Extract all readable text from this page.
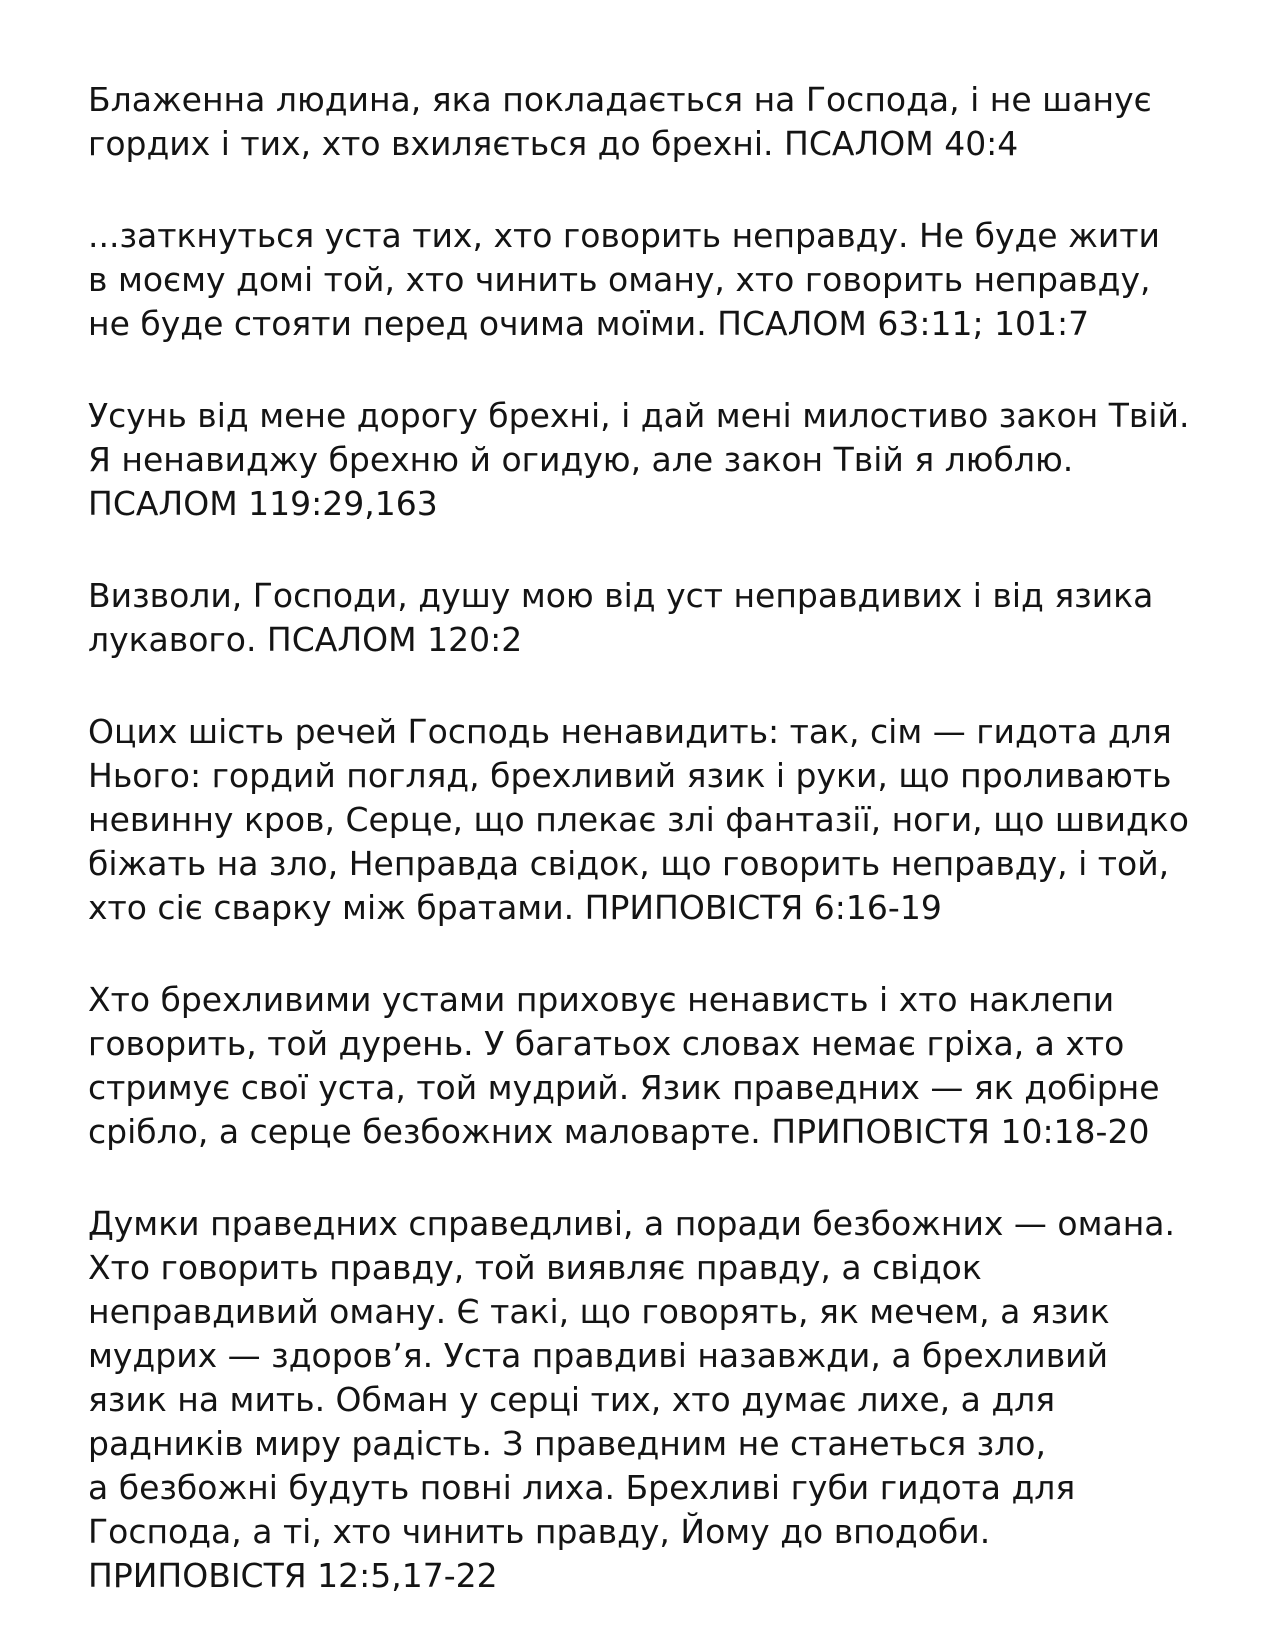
Блаженна людина, яка покладається на Господа, і не шанує
гордих і тих, хто вхиляється до брехні. ПСАЛОМ 40:4
...заткнуться уста тих, хто говорить неправду. Не буде жити
в моєму домі той, хто чинить оману, хто говорить неправду,
не буде стояти перед очима моїми. ПСАЛОМ 63:11; 101:7
Усунь від мене дорогу брехні, і дай мені милостиво закон Твій.
Я ненавиджу брехню й огидую, але закон Твій я люблю.
ПСАЛОМ 119:29,163
Визволи, Господи, душу мою від уст неправдивих і від язика
лукавого. ПСАЛОМ 120:2
Оцих шість речей Господь ненавидить: так, сім — гидота для
Нього: гордий погляд, брехливий язик і руки, що проливають
невинну кров, Серце, що плекає злі фантазії, ноги, що швидко
біжать на зло, Неправда свідок, що говорить неправду, і той,
хто сіє сварку між братами. ПРИПОВІСТЯ 6:16-19
Хто брехливими устами приховує ненависть і хто наклепи
говорить, той дурень. У багатьох словах немає гріха, а хто
стримує свої уста, той мудрий. Язик праведних — як добірне
срібло, а серце безбожних маловарте. ПРИПОВІСТЯ 10:18-20
Думки праведних справедливі, а поради безбожних — омана.
Хто говорить правду, той виявляє правду, а свідок
неправдивий оману. Є такі, що говорять, як мечем, а язик
мудрих — здоров’я. Уста правдиві назавжди, а брехливий
язик на мить. Обман у серці тих, хто думає лихе, а для
радників миру радість. З праведним не станеться зло,
а безбожні будуть повні лиха. Брехливі губи гидота для
Господа, а ті, хто чинить правду, Йому до вподоби.
ПРИПОВІСТЯ 12:5,17-22
